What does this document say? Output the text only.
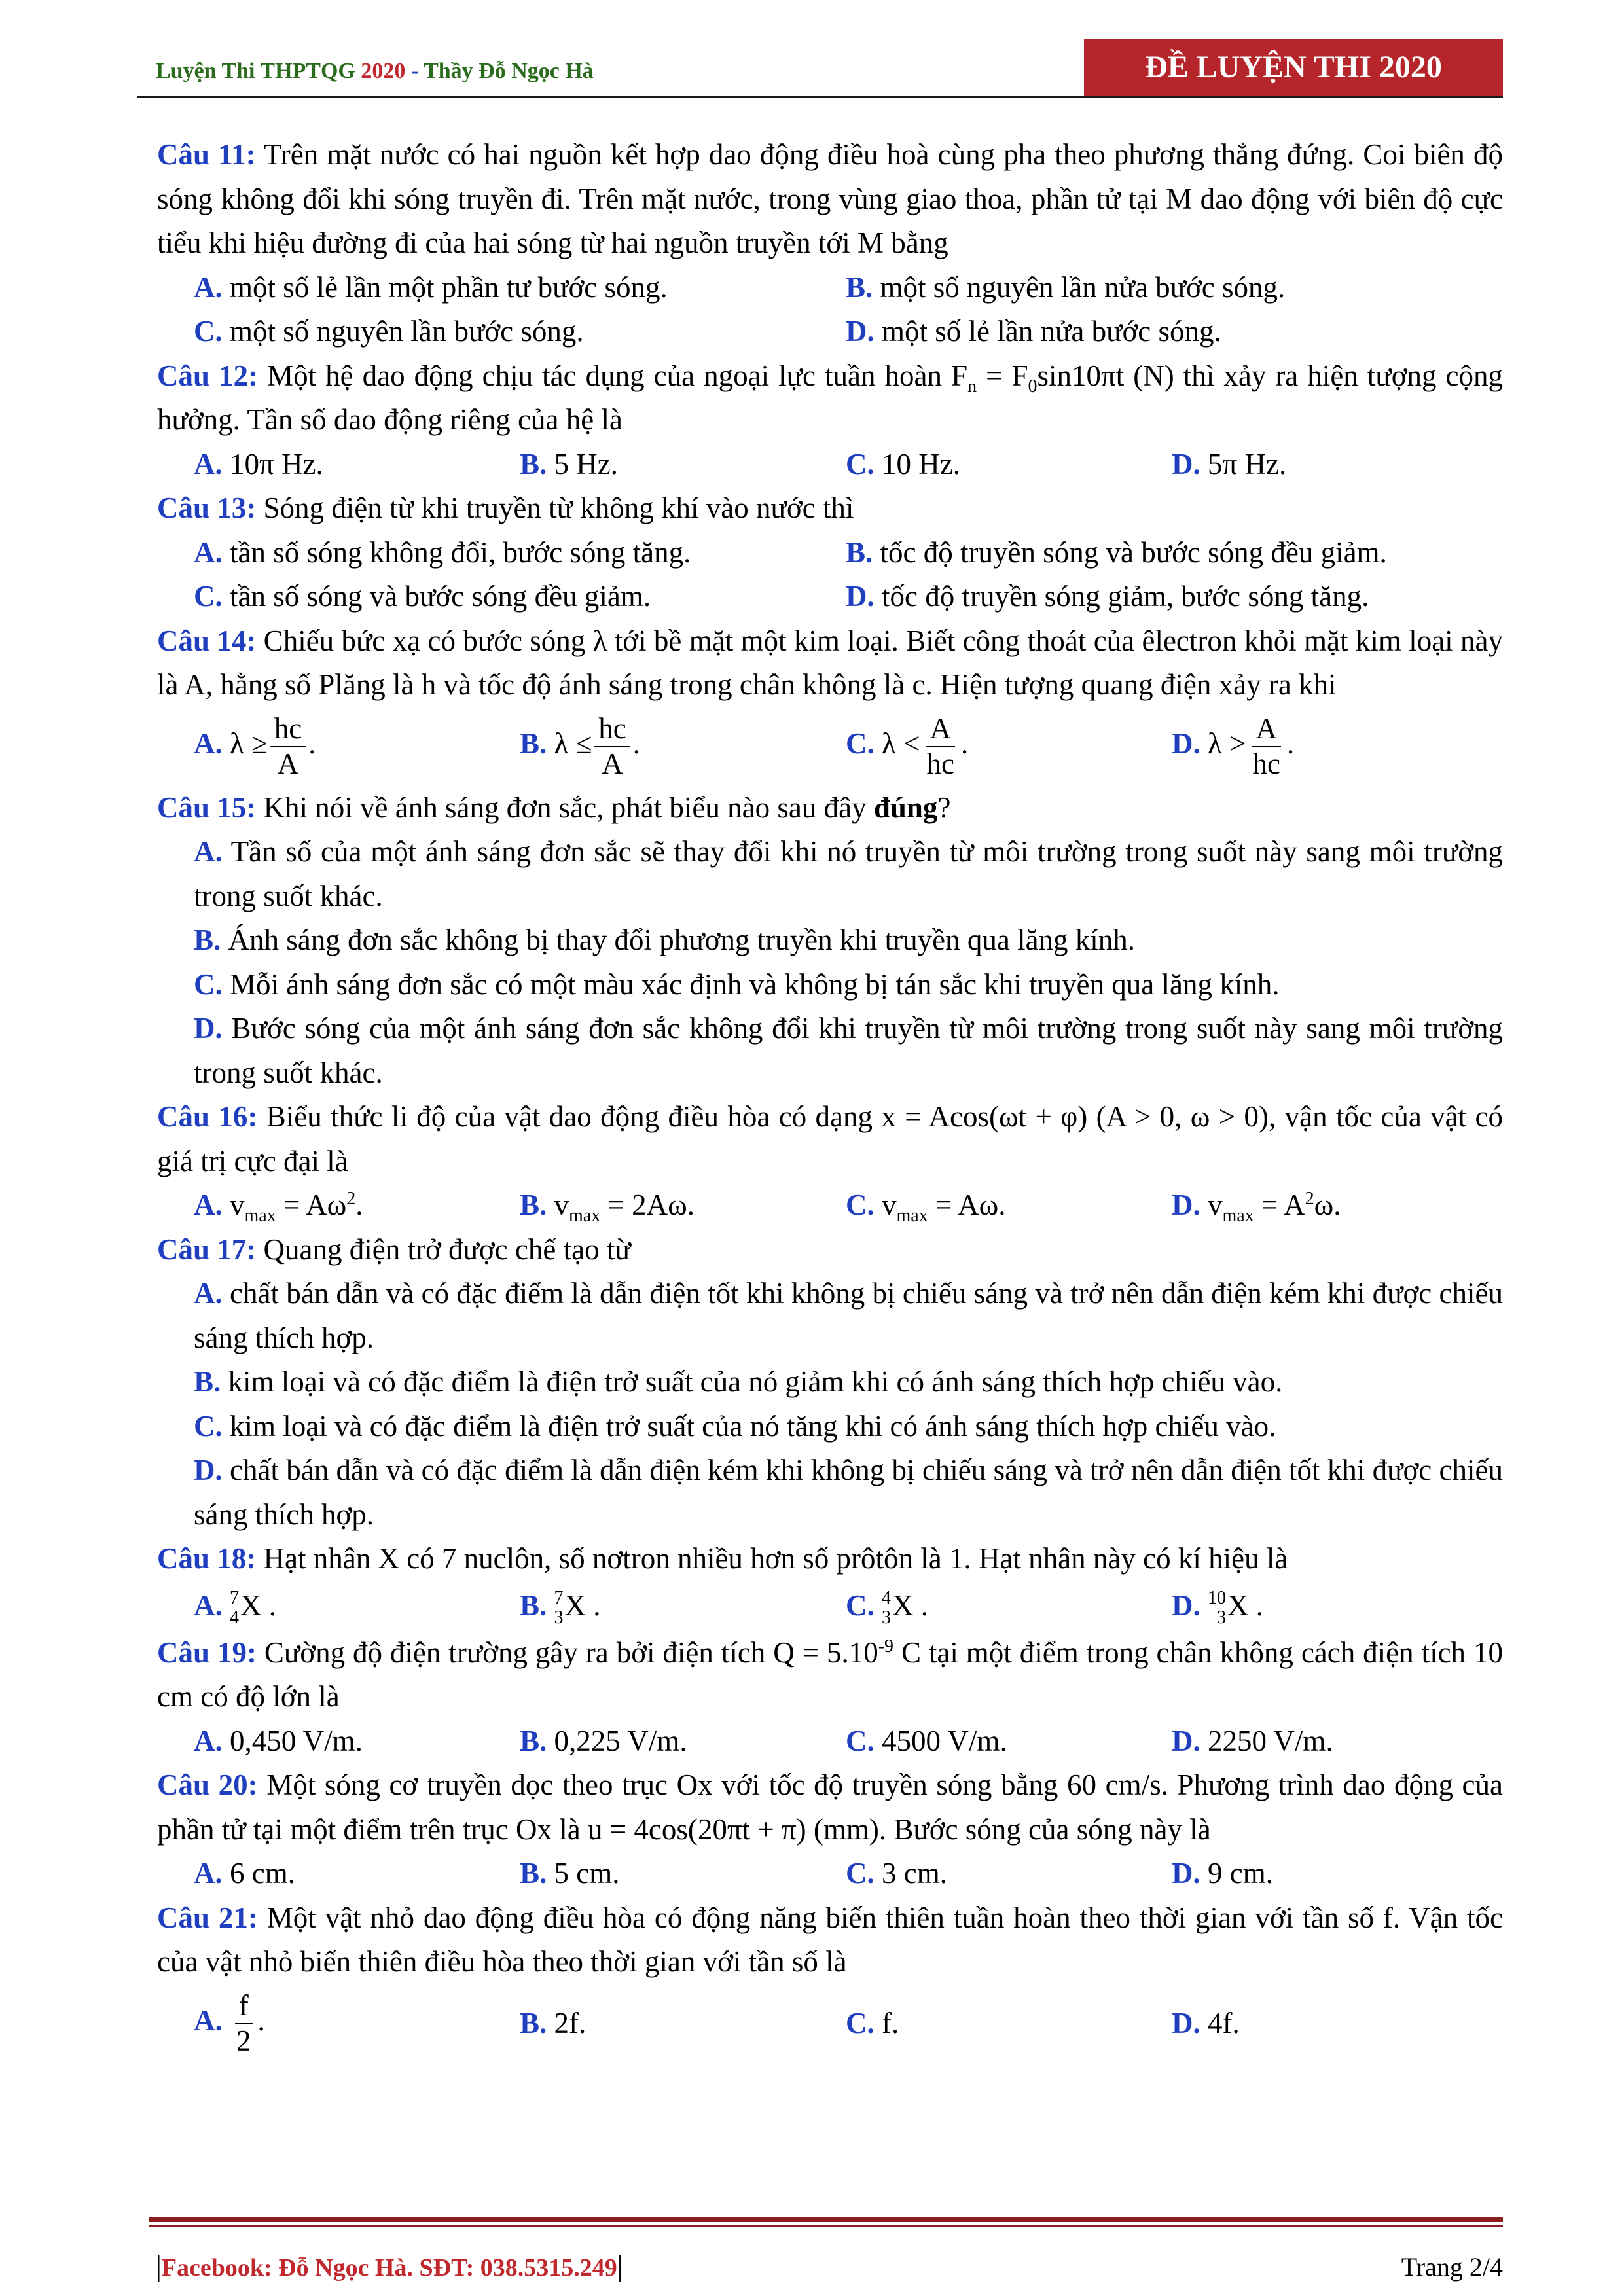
Luyện Thi THPTQG 2020 - Thầy Đỗ Ngọc Hà	ĐỀ LUYỆN THI 2020

Câu 11: Trên mặt nước có hai nguồn kết hợp dao động điều hoà cùng pha theo phương thẳng đứng. Coi biên độ sóng không đổi khi sóng truyền đi. Trên mặt nước, trong vùng giao thoa, phần tử tại M dao động với biên độ cực tiểu khi hiệu đường đi của hai sóng từ hai nguồn truyền tới M bằng

A. một số lẻ lần một phần tư bước sóng.	B. một số nguyên lần nửa bước sóng.
C. một số nguyên lần bước sóng.	D. một số lẻ lần nửa bước sóng.

Câu 12: Một hệ dao động chịu tác dụng của ngoại lực tuần hoàn $F_n = F_0\sin 10\pi t$ (N) thì xảy ra hiện tượng cộng hưởng. Tần số dao động riêng của hệ là

A. 10π Hz.	B. 5 Hz.	C. 10 Hz.	D. 5π Hz.

Câu 13: Sóng điện từ khi truyền từ không khí vào nước thì

A. tần số sóng không đổi, bước sóng tăng.	B. tốc độ truyền sóng và bước sóng đều giảm.
C. tần số sóng và bước sóng đều giảm.	D. tốc độ truyền sóng giảm, bước sóng tăng.

Câu 14: Chiếu bức xạ có bước sóng λ tới bề mặt một kim loại. Biết công thoát của êlectron khỏi mặt kim loại này là A, hằng số Plăng là h và tốc độ ánh sáng trong chân không là c. Hiện tượng quang điện xảy ra khi

A. $\lambda \ge \frac{hc}{A}$ .	B. $\lambda \le \frac{hc}{A}$ .	C. $\lambda < \frac{A}{hc}$ .	D. $\lambda > \frac{A}{hc}$ .

Câu 15: Khi nói về ánh sáng đơn sắc, phát biểu nào sau đây đúng?

A. Tần số của một ánh sáng đơn sắc sẽ thay đổi khi nó truyền từ môi trường trong suốt này sang môi trường trong suốt khác.

B. Ánh sáng đơn sắc không bị thay đổi phương truyền khi truyền qua lăng kính.

C. Mỗi ánh sáng đơn sắc có một màu xác định và không bị tán sắc khi truyền qua lăng kính.

D. Bước sóng của một ánh sáng đơn sắc không đổi khi truyền từ môi trường trong suốt này sang môi trường trong suốt khác.

Câu 16: Biểu thức li độ của vật dao động điều hòa có dạng x = Acos(ωt + φ) (A > 0, ω > 0), vận tốc của vật có giá trị cực đại là

A. $v_{max} = A\omega^2$.	B. $v_{max} = 2A\omega$.	C. $v_{max} = A\omega$.	D. $v_{max} = A^2\omega$.

Câu 17: Quang điện trở được chế tạo từ

A. chất bán dẫn và có đặc điểm là dẫn điện tốt khi không bị chiếu sáng và trở nên dẫn điện kém khi được chiếu sáng thích hợp.

B. kim loại và có đặc điểm là điện trở suất của nó giảm khi có ánh sáng thích hợp chiếu vào.

C. kim loại và có đặc điểm là điện trở suất của nó tăng khi có ánh sáng thích hợp chiếu vào.

D. chất bán dẫn và có đặc điểm là dẫn điện kém khi không bị chiếu sáng và trở nên dẫn điện tốt khi được chiếu sáng thích hợp.

Câu 18: Hạt nhân X có 7 nuclôn, số nơtron nhiều hơn số prôtôn là 1. Hạt nhân này có kí hiệu là

A. 7
4 X .	B. 7
3 X .	C. 4
3 X .	D. 10
3 X .

Câu 19: Cường độ điện trường gây ra bởi điện tích $Q = 5.10^{-9}$ C tại một điểm trong chân không cách điện tích 10 cm có độ lớn là

A. 0,450 V/m.	B. 0,225 V/m.	C. 4500 V/m.	D. 2250 V/m.

Câu 20: Một sóng cơ truyền dọc theo trục Ox với tốc độ truyền sóng bằng 60 cm/s. Phương trình dao động của phần tử tại một điểm trên trục Ox là u = 4cos(20πt + π) (mm). Bước sóng của sóng này là

A. 6 cm.	B. 5 cm.	C. 3 cm.	D. 9 cm.

Câu 21: Một vật nhỏ dao động điều hòa có động năng biến thiên tuần hoàn theo thời gian với tần số f. Vận tốc của vật nhỏ biến thiên điều hòa theo thời gian với tần số là

A. $\frac{f}{2}$ .	B. 2f.	C. f.	D. 4f.
|Facebook: Đỗ Ngọc Hà. SĐT: 038.5315.249|	Trang 2/4
